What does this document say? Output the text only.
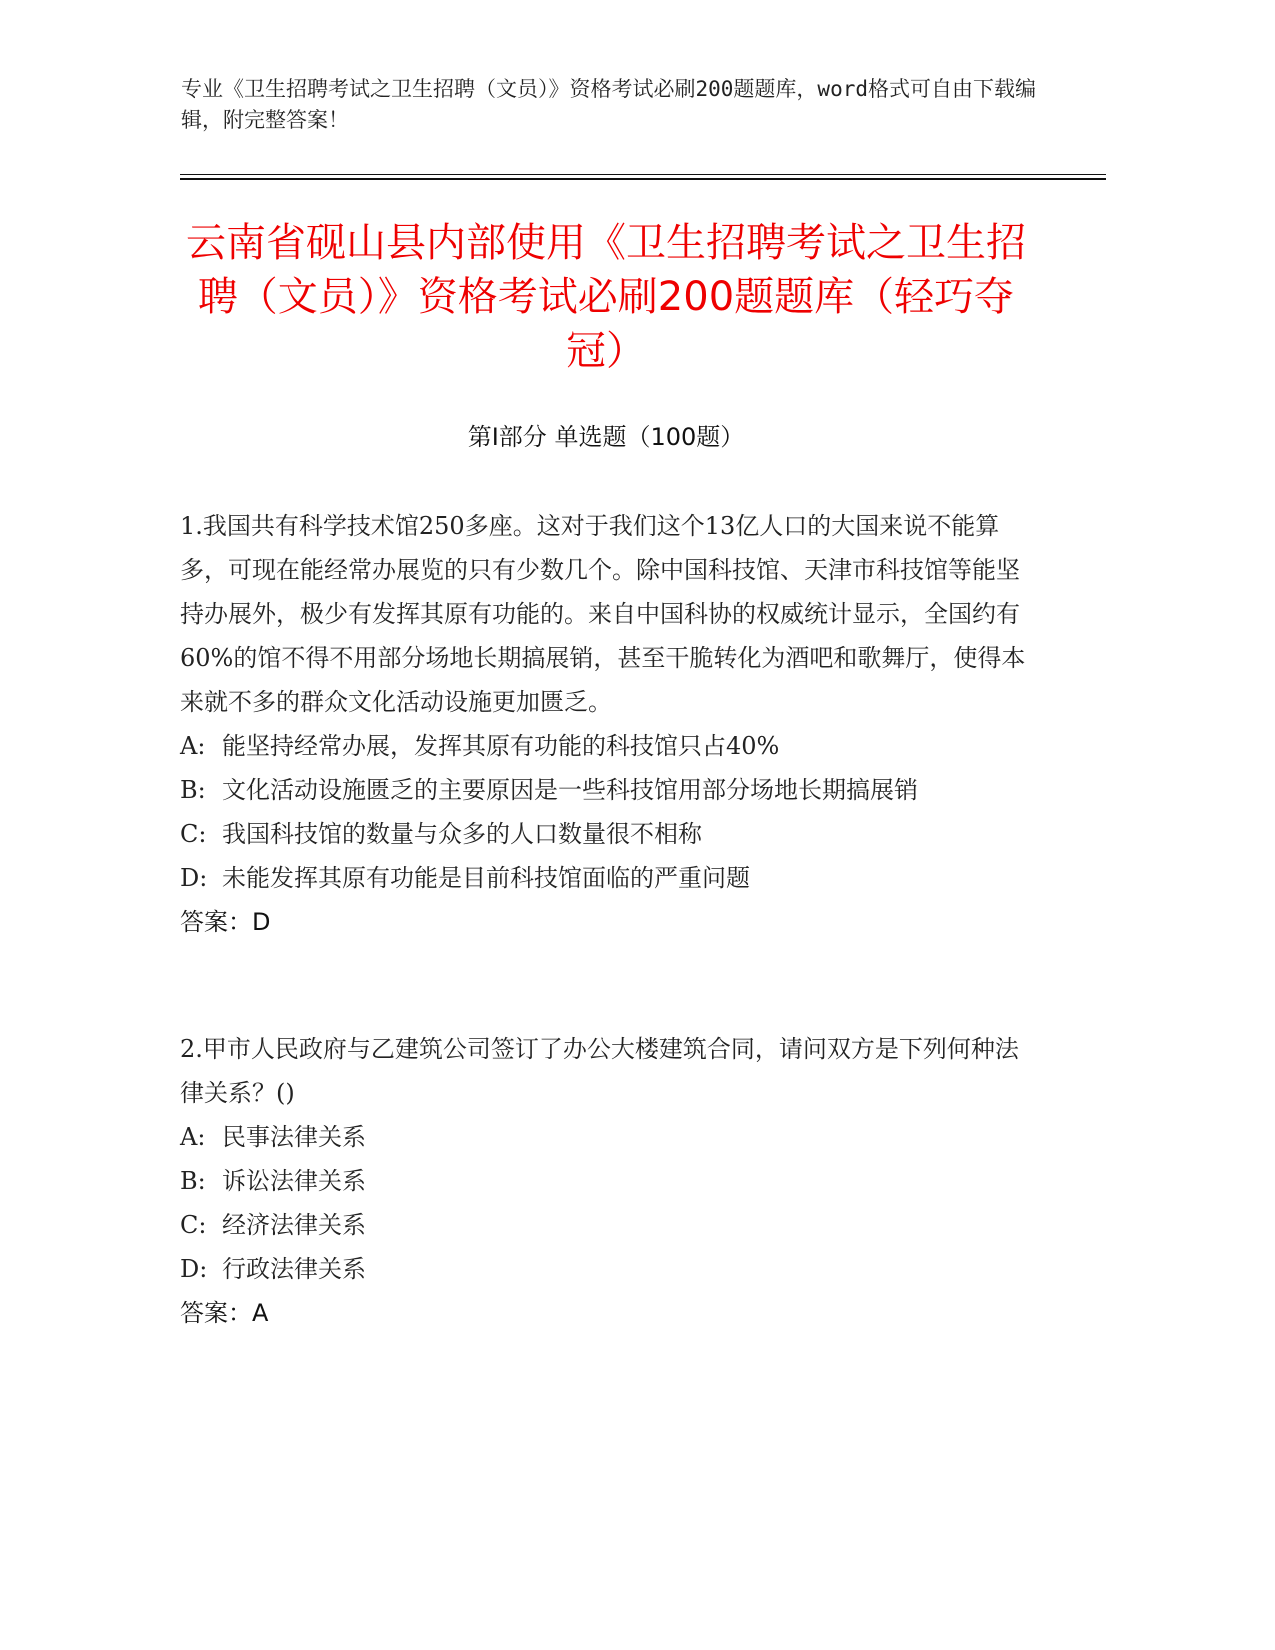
专业《卫生招聘考试之卫生招聘（文员）》资格考试必刷200题题库，word格式可自由下载编辑，附完整答案！
云南省砚山县内部使用《卫生招聘考试之卫生招聘（文员）》资格考试必刷200题题库（轻巧夺冠）
第Ⅰ部分 单选题（100题）

1.我国共有科学技术馆250多座。这对于我们这个13亿人口的大国来说不能算多，可现在能经常办展览的只有少数几个。除中国科技馆、天津市科技馆等能坚持办展外，极少有发挥其原有功能的。来自中国科协的权威统计显示，全国约有60%的馆不得不用部分场地长期搞展销，甚至干脆转化为酒吧和歌舞厅，使得本来就不多的群众文化活动设施更加匮乏。

A: 能坚持经常办展，发挥其原有功能的科技馆只占40%

B: 文化活动设施匮乏的主要原因是一些科技馆用部分场地长期搞展销

C: 我国科技馆的数量与众多的人口数量很不相称

D: 未能发挥其原有功能是目前科技馆面临的严重问题

答案：D

2.甲市人民政府与乙建筑公司签订了办公大楼建筑合同，请问双方是下列何种法律关系？()

A: 民事法律关系

B: 诉讼法律关系

C: 经济法律关系

D: 行政法律关系

答案：A
